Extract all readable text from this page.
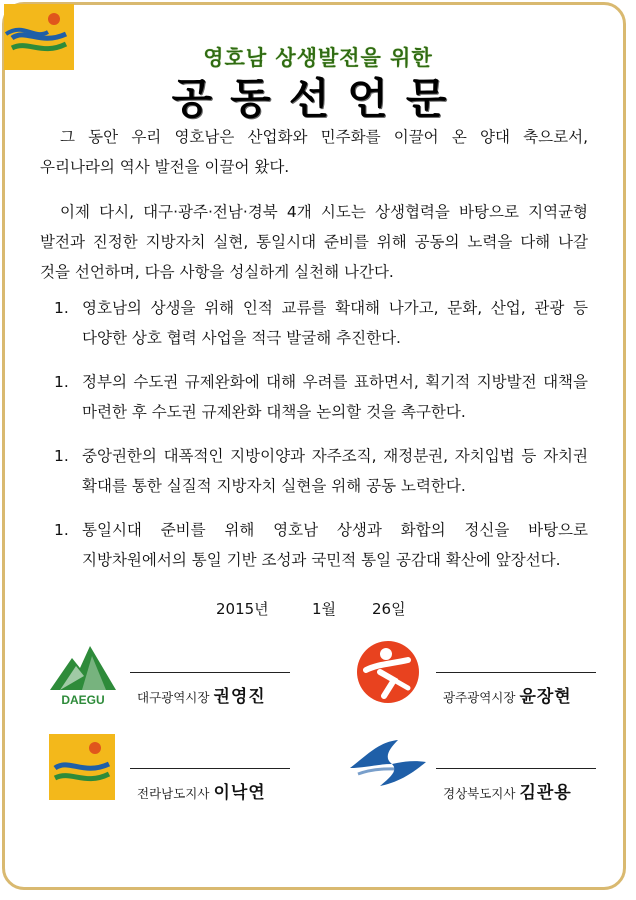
영호남 상생발전을 위한
공동선언문

그 동안 우리 영호남은 산업화와 민주화를 이끌어 온 양대 축으로서, 우리나라의 역사 발전을 이끌어 왔다.

이제 다시, 대구·광주·전남·경북 4개 시도는 상생협력을 바탕으로 지역균형 발전과 진정한 지방자치 실현, 통일시대 준비를 위해 공동의 노력을 다해 나갈 것을 선언하며, 다음 사항을 성실하게 실천해 나간다.

1. 영호남의 상생을 위해 인적 교류를 확대해 나가고, 문화, 산업, 관광 등 다양한 상호 협력 사업을 적극 발굴해 추진한다.
1. 정부의 수도권 규제완화에 대해 우려를 표하면서, 획기적 지방발전 대책을 마련한 후 수도권 규제완화 대책을 논의할 것을 촉구한다.
1. 중앙권한의 대폭적인 지방이양과 자주조직, 재정분권, 자치입법 등 자치권 확대를 통한 실질적 지방자치 실현을 위해 공동 노력한다.
1. 통일시대 준비를 위해 영호남 상생과 화합의 정신을 바탕으로 지방차원에서의 통일 기반 조성과 국민적 통일 공감대 확산에 앞장선다.
2015년	1월 26일
DAEGU	대구광역시장 권영진	광주광역시장 윤장현
전라남도지사 이낙연	경상북도지사 김관용
